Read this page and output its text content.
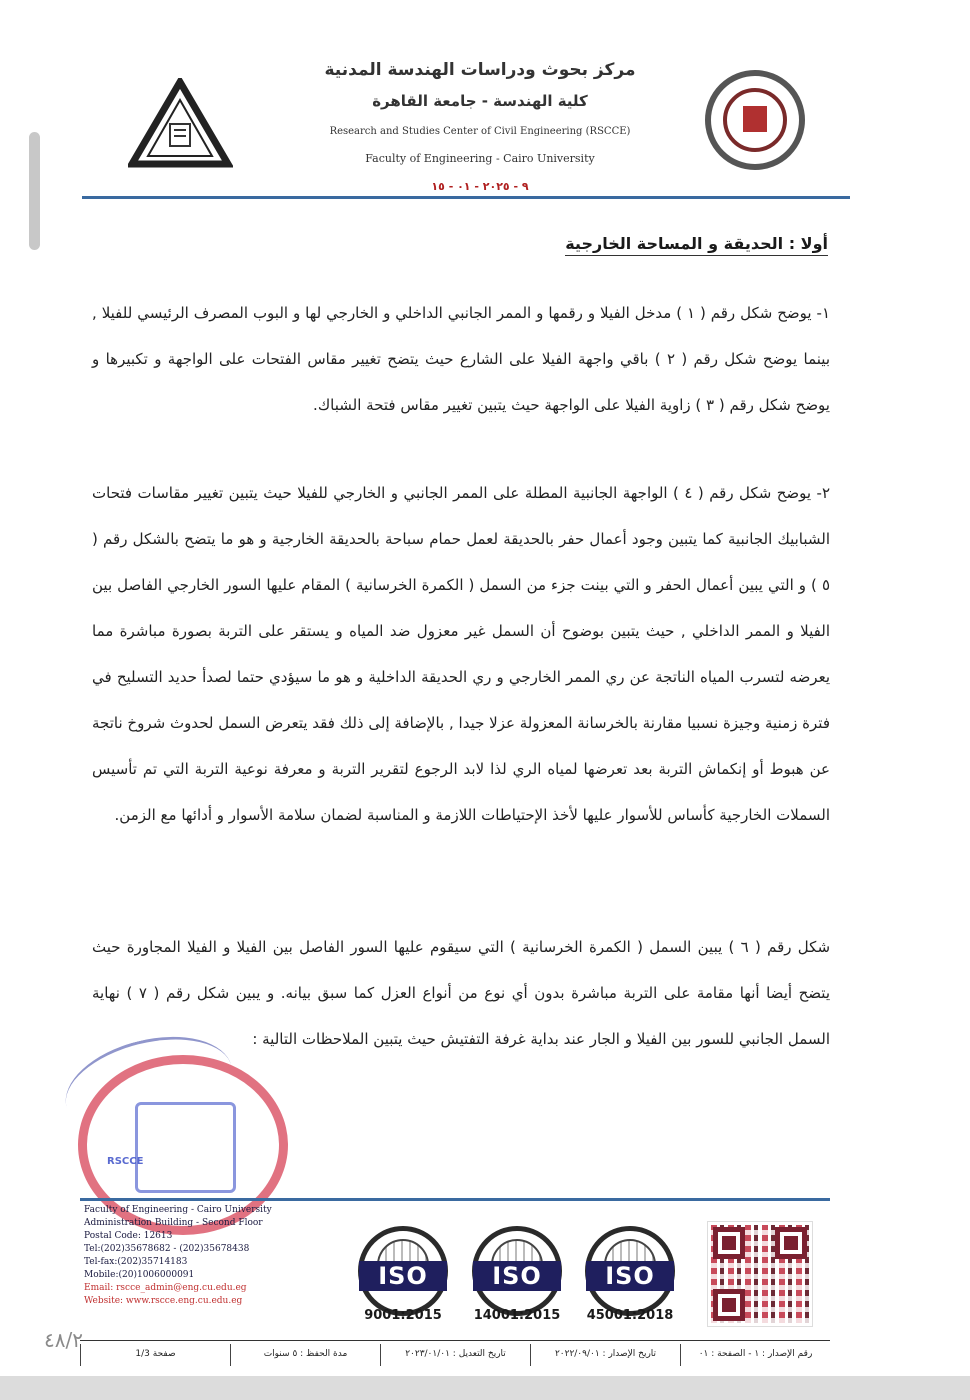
مركز بحوث ودراسات الهندسة المدنية
كلية الهندسة - جامعة القاهرة
Research and Studies Center of Civil Engineering (RSCCE)
Faculty of Engineering - Cairo University
٩ - ٢٠٢٥ - ٠١ - ١٥
أولا : الحديقة و المساحة الخارجية
١- يوضح شكل رقم ( ١ ) مدخل الفيلا و رقمها و الممر الجانبي الداخلي و الخارجي لها و البوب المصرف الرئيسي للفيلا , بينما يوضح شكل رقم ( ٢ ) باقي واجهة الفيلا على الشارع حيث يتضح تغيير مقاس الفتحات على الواجهة و تكبيرها و يوضح شكل رقم ( ٣ ) زاوية الفيلا على الواجهة حيث يتبين تغيير مقاس فتحة الشباك.
٢- يوضح شكل رقم ( ٤ ) الواجهة الجانبية المطلة على الممر الجانبي و الخارجي للفيلا حيث يتبين تغيير مقاسات فتحات الشبابيك الجانبية كما يتبين وجود أعمال حفر بالحديقة لعمل حمام سباحة بالحديقة الخارجية و هو ما يتضح بالشكل رقم ( ٥ ) و التي يبين أعمال الحفر و التي بينت جزء من السمل ( الكمرة الخرسانية ) المقام عليها السور الخارجي الفاصل بين الفيلا و الممر الداخلي , حيث يتبين بوضوح أن السمل غير معزول ضد المياه و يستقر على التربة بصورة مباشرة مما يعرضه لتسرب المياه الناتجة عن ري الممر الخارجي و ري الحديقة الداخلية و هو ما سيؤدي حتما لصدأ حديد التسليح في فترة زمنية وجيزة نسبيا مقارنة بالخرسانة المعزولة عزلا جيدا , بالإضافة إلى ذلك فقد يتعرض السمل لحدوث شروخ ناتجة عن هبوط أو إنكماش التربة بعد تعرضها لمياه الري لذا لابد الرجوع لتقرير التربة و معرفة نوعية التربة التي تم تأسيس السملات الخارجية كأساس للأسوار عليها لأخذ الإحتياطات اللازمة و المناسبة لضمان سلامة الأسوار و أدائها مع الزمن.
شكل رقم ( ٦ ) يبين السمل ( الكمرة الخرسانية ) التي سيقوم عليها السور الفاصل بين الفيلا و الفيلا المجاورة حيث يتضح أيضا أنها مقامة على التربة مباشرة بدون أي نوع من أنواع العزل كما سبق بيانه. و يبين شكل رقم ( ٧ ) نهاية السمل الجانبي للسور بين الفيلا و الجار عند بداية غرفة التفتيش حيث يتبين الملاحظات التالية :
RSCCE
Faculty of Engineering - Cairo University
Administration Building - Second Floor
Postal Code: 12613
Tel:(202)35678682 - (202)35678438
Tel-fax:(202)35714183
Mobile:(20)1006000091
Email: rscce_admin@eng.cu.edu.eg
Website: www.rscce.eng.cu.edu.eg
ISO
9001:2015
ISO
14001:2015
ISO
45001:2018
رقم الإصدار : ١ - الصفحة : ٠١
تاريخ الإصدار : ٢٠٢٢/٠٩/٠١
تاريخ التعديل : ٢٠٢٣/٠١/٠١
مدة الحفظ : ٥ سنوات
صفحة 1/3
٤٨/٢
